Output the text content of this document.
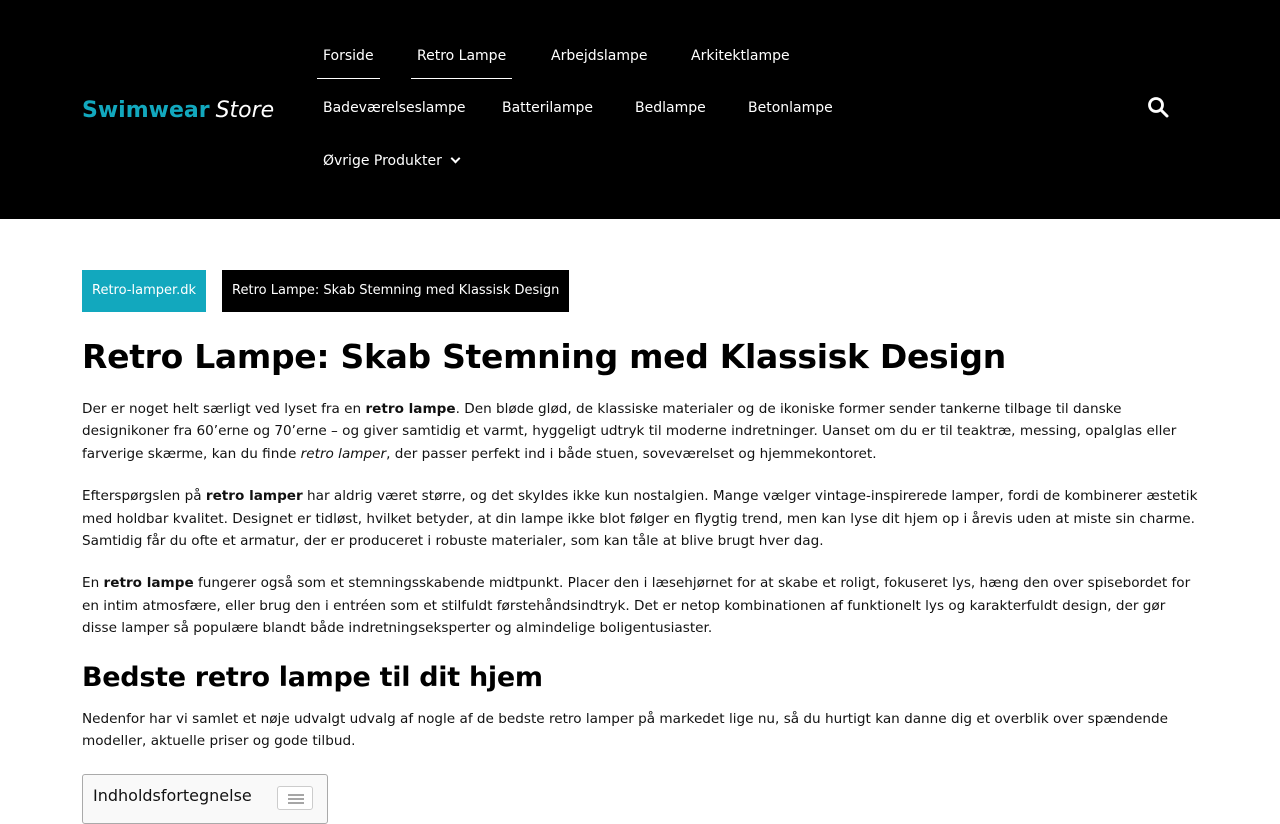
Swimwear Store
Forside	Retro Lampe	Arbejdslampe	Arkitektlampe
Badeværelseslampe	Batterilampe	Bedlampe	Betonlampe
Øvrige Produkter
Retro-lamper.dk	Retro Lampe: Skab Stemning med Klassisk Design
Retro Lampe: Skab Stemning med Klassisk Design

Der er noget helt særligt ved lyset fra en retro lampe. Den bløde glød, de klassiske materialer og de ikoniske former sender tankerne tilbage til danske designikoner fra 60’erne og 70’erne – og giver samtidig et varmt, hyggeligt udtryk til moderne indretninger. Uanset om du er til teaktræ, messing, opalglas eller farverige skærme, kan du finde retro lamper, der passer perfekt ind i både stuen, soveværelset og hjemmekontoret.

Efterspørgslen på retro lamper har aldrig været større, og det skyldes ikke kun nostalgien. Mange vælger vintage-inspirerede lamper, fordi de kombinerer æstetik med holdbar kvalitet. Designet er tidløst, hvilket betyder, at din lampe ikke blot følger en flygtig trend, men kan lyse dit hjem op i årevis uden at miste sin charme. Samtidig får du ofte et armatur, der er produceret i robuste materialer, som kan tåle at blive brugt hver dag.

En retro lampe fungerer også som et stemningsskabende midtpunkt. Placer den i læsehjørnet for at skabe et roligt, fokuseret lys, hæng den over spisebordet for en intim atmosfære, eller brug den i entréen som et stilfuldt førstehåndsindtryk. Det er netop kombinationen af funktionelt lys og karakterfuldt design, der gør disse lamper så populære blandt både indretningseksperter og almindelige boligentusiaster.

Bedste retro lampe til dit hjem

Nedenfor har vi samlet et nøje udvalgt udvalg af nogle af de bedste retro lamper på markedet lige nu, så du hurtigt kan danne dig et overblik over spændende modeller, aktuelle priser og gode tilbud.

Indholdsfortegnelse
